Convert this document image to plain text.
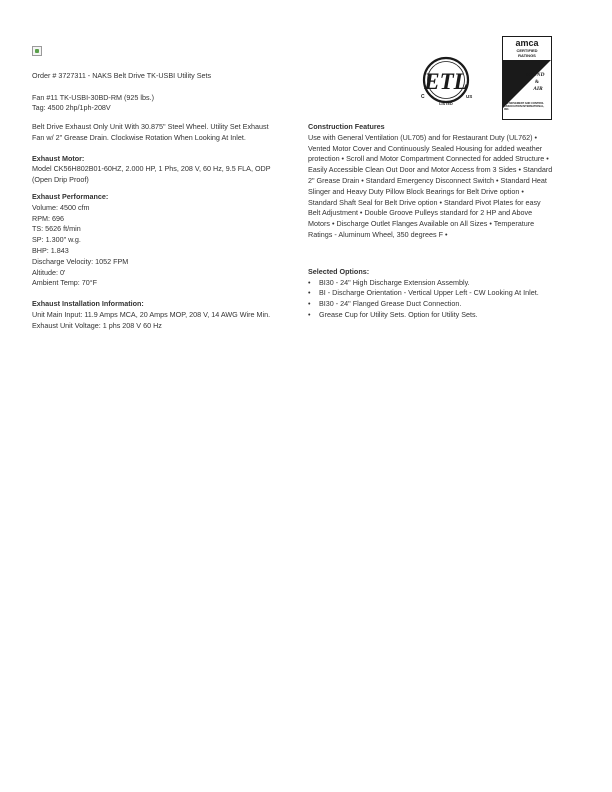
Order # 3727311 - NAKS Belt Drive TK-USBI Utility Sets
Fan #11 TK-USBI-30BD-RM (925 lbs.)
Tag: 4500 2hp/1ph-208V
ETL
C	US
LISTED
amca
CERTIFIED
RATINGS
SOUND
&
AIR
AIR MOVEMENT AND CONTROL ASSOCIATION INTERNATIONAL, INC.

Belt Drive Exhaust Only Unit With 30.875" Steel Wheel. Utility Set Exhaust Fan w/ 2" Grease Drain. Clockwise Rotation When Looking At Inlet.

Exhaust Motor:
Model CK56H802B01-60HZ, 2.000 HP, 1 Phs, 208 V, 60 Hz, 9.5 FLA, ODP (Open Drip Proof)
Exhaust Performance:
Volume: 4500 cfm
RPM: 696
TS: 5626 ft/min
SP: 1.300" w.g.
BHP: 1.843
Discharge Velocity: 1052 FPM
Altitude: 0'
Ambient Temp: 70°F
Exhaust Installation Information:
Unit Main Input: 11.9 Amps MCA, 20 Amps MOP, 208 V, 14 AWG Wire Min.
Exhaust Unit Voltage: 1 phs 208 V 60 Hz
Construction Features
Use with General Ventilation (UL705) and for Restaurant Duty (UL762) • Vented Motor Cover and Continuously Sealed Housing for added weather protection • Scroll and Motor Compartment Connected for added Structure • Easily Accessible Clean Out Door and Motor Access from 3 Sides • Standard 2" Grease Drain • Standard Emergency Disconnect Switch • Standard Heat Slinger and Heavy Duty Pillow Block Bearings for Belt Drive option • Standard Shaft Seal for Belt Drive option • Standard Pivot Plates for easy Belt Adjustment • Double Groove Pulleys standard for 2 HP and Above Motors • Discharge Outlet Flanges Available on All Sizes • Temperature Ratings - Aluminum Wheel, 350 degrees F •
Selected Options:
• BI30 - 24" High Discharge Extension Assembly.
• BI - Discharge Orientation - Vertical Upper Left - CW Looking At Inlet.
• BI30 - 24" Flanged Grease Duct Connection.
• Grease Cup for Utility Sets. Option for Utility Sets.
